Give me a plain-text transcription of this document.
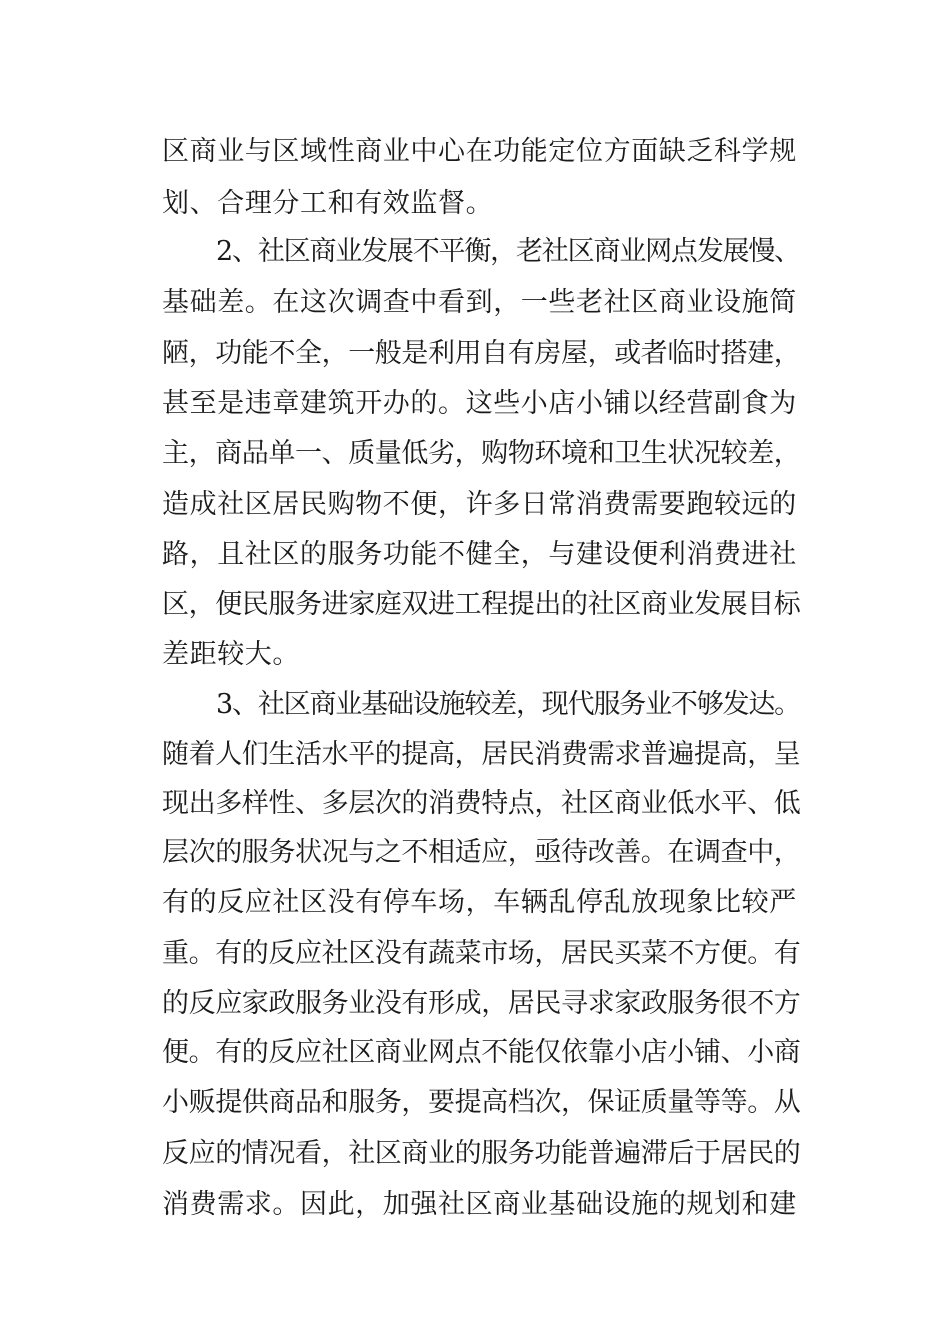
区商业与区域性商业中心在功能定位方面缺乏科学规

划、合理分工和有效监督。

2、社区商业发展不平衡，老社区商业网点发展慢、

基础差。在这次调查中看到，一些老社区商业设施简

陋，功能不全，一般是利用自有房屋，或者临时搭建，

甚至是违章建筑开办的。这些小店小铺以经营副食为

主，商品单一、质量低劣，购物环境和卫生状况较差，

造成社区居民购物不便，许多日常消费需要跑较远的

路，且社区的服务功能不健全，与建设便利消费进社

区，便民服务进家庭双进工程提出的社区商业发展目标

差距较大。

3、社区商业基础设施较差，现代服务业不够发达。

随着人们生活水平的提高，居民消费需求普遍提高，呈

现出多样性、多层次的消费特点，社区商业低水平、低

层次的服务状况与之不相适应，亟待改善。在调查中，

有的反应社区没有停车场，车辆乱停乱放现象比较严

重。有的反应社区没有蔬菜市场，居民买菜不方便。有

的反应家政服务业没有形成，居民寻求家政服务很不方

便。有的反应社区商业网点不能仅依靠小店小铺、小商

小贩提供商品和服务，要提高档次，保证质量等等。从

反应的情况看，社区商业的服务功能普遍滞后于居民的

消费需求。因此，加强社区商业基础设施的规划和建
